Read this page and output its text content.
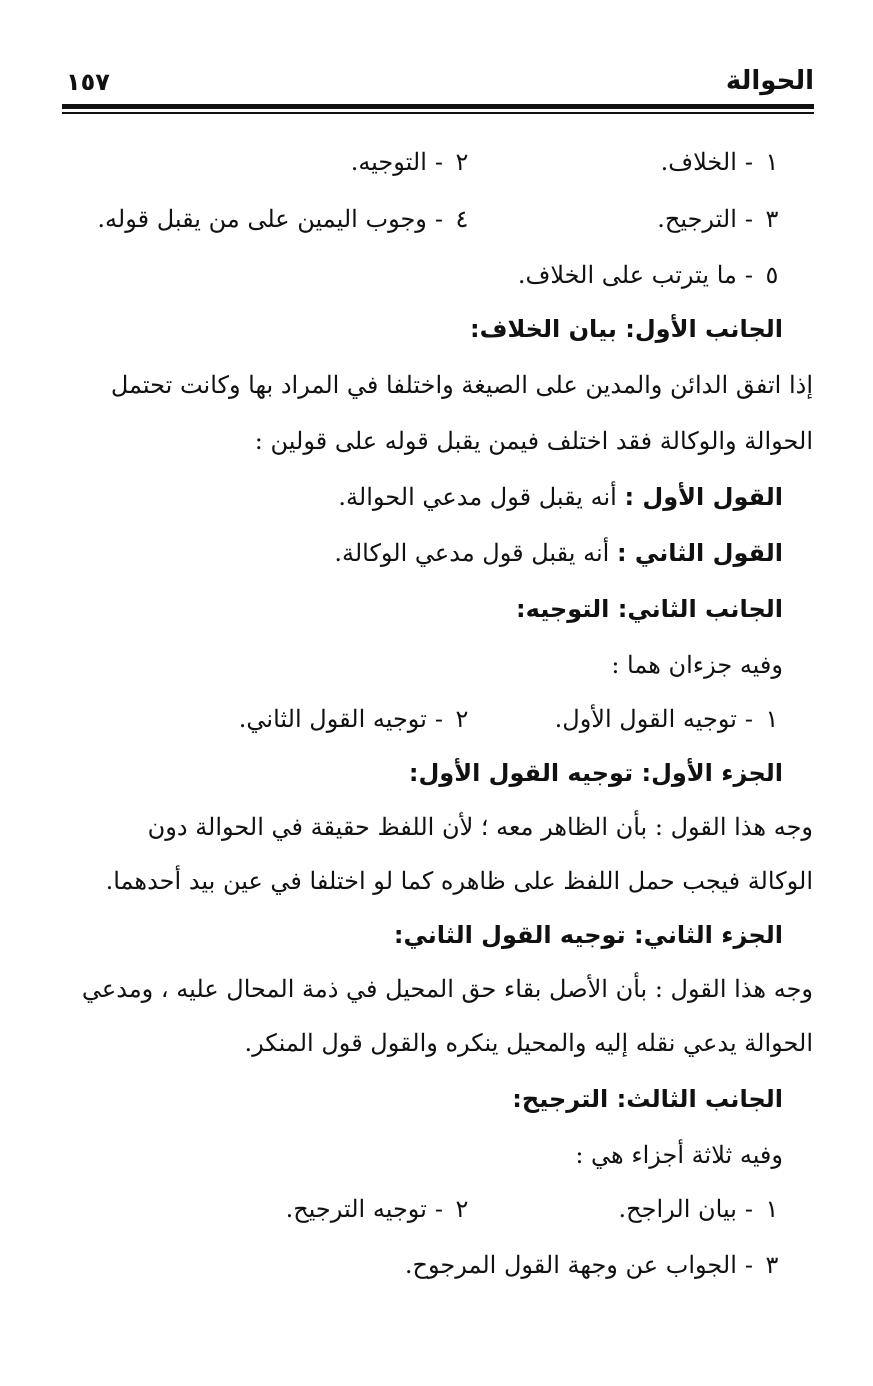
١٥٧	الحوالة
١-الخلاف.
٢-التوجيه.
٣-الترجيح.
٤-وجوب اليمين على من يقبل قوله.
٥-ما يترتب على الخلاف.
الجانب الأول: بيان الخلاف:
إذا اتفق الدائن والمدين على الصيغة واختلفا في المراد بها وكانت تحتمل
الحوالة والوكالة فقد اختلف فيمن يقبل قوله على قولين :
القول الأول : أنه يقبل قول مدعي الحوالة.
القول الثاني : أنه يقبل قول مدعي الوكالة.
الجانب الثاني: التوجيه:
وفيه جزءان هما :
١-توجيه القول الأول.
٢-توجيه القول الثاني.
الجزء الأول: توجيه القول الأول:
وجه هذا القول : بأن الظاهر معه ؛ لأن اللفظ حقيقة في الحوالة دون
الوكالة فيجب حمل اللفظ على ظاهره كما لو اختلفا في عين بيد أحدهما.
الجزء الثاني: توجيه القول الثاني:
وجه هذا القول : بأن الأصل بقاء حق المحيل في ذمة المحال عليه ، ومدعي
الحوالة يدعي نقله إليه والمحيل ينكره والقول قول المنكر.
الجانب الثالث: الترجيح:
وفيه ثلاثة أجزاء هي :
١-بيان الراجح.
٢-توجيه الترجيح.
٣-الجواب عن وجهة القول المرجوح.
